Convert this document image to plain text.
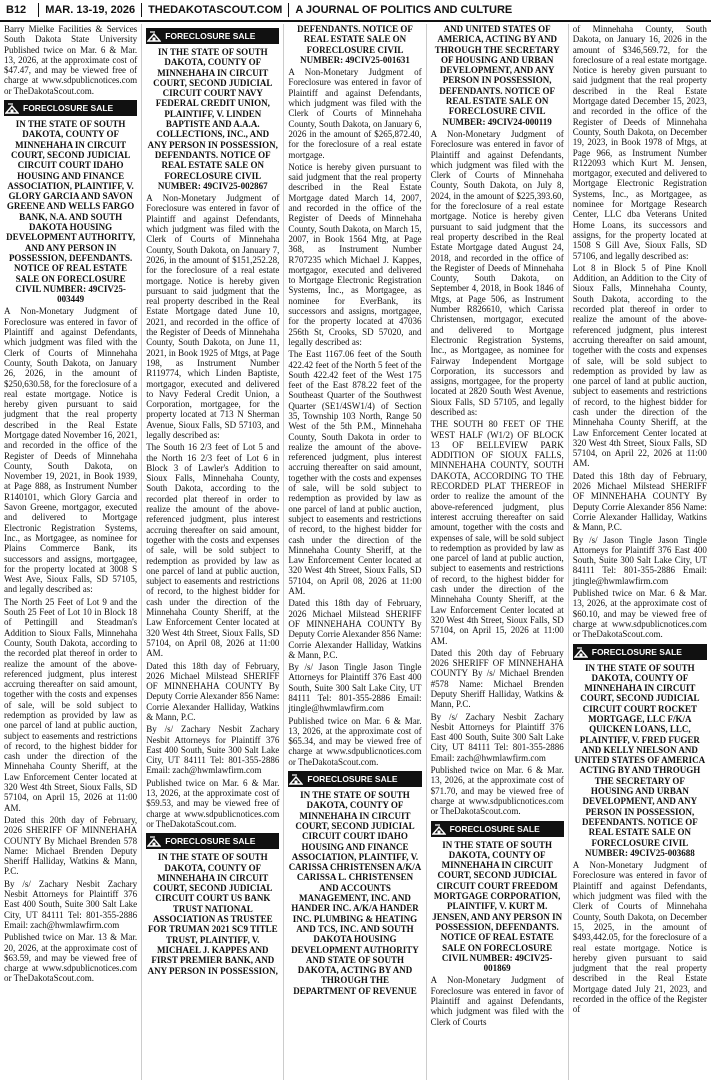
B12	MAR. 13-19, 2026 THEDAKOTASCOUT.COM A JOURNAL OF POLITICS AND CULTURE

Barry Mielke Facilities & Services South Dakota State University Published twice on Mar. 6 & Mar. 13, 2026, at the approximate cost of $47.47, and may be viewed free of charge at www.sdpublicnotices.com or TheDakotaScout.com.

FORECLOSURE SALE

IN THE STATE OF SOUTH DAKOTA, COUNTY OF MINNEHAHA IN CIRCUIT COURT, SECOND JUDICIAL CIRCUIT COURT IDAHO HOUSING AND FINANCE ASSOCIATION, PLAINTIFF, V. GLORY GARCIA AND SAVON GREENE AND WELLS FARGO BANK, N.A. AND SOUTH DAKOTA HOUSING DEVELOPMENT AUTHORITY, AND ANY PERSON IN POSSESSION, DEFENDANTS. NOTICE OF REAL ESTATE SALE ON FORECLOSURE CIVIL NUMBER: 49CIV25-003449

A Non-Monetary Judgment of Foreclosure was entered in favor of Plaintiff and against Defendants, which judgment was filed with the Clerk of Courts of Minnehaha County, South Dakota, on January 26, 2026, in the amount of $250,630.58, for the foreclosure of a real estate mortgage. Notice is hereby given pursuant to said judgment that the real property described in the Real Estate Mortgage dated November 16, 2021, and recorded in the office of the Register of Deeds of Minnehaha County, South Dakota, on November 19, 2021, in Book 1939, at Page 888, as Instrument Number R140101, which Glory Garcia and Savon Greene, mortgagor, executed and delivered to Mortgage Electronic Registration Systems, Inc., as Mortgagee, as nominee for Plains Commerce Bank, its successors and assigns, mortgagee, for the property located at 3008 S West Ave, Sioux Falls, SD 57105, and legally described as:

The North 25 Feet of Lot 9 and the South 25 Feet of Lot 10 in Block 18 of Pettingill and Steadman's Addition to Sioux Falls, Minnehaha County, South Dakota, according to the recorded plat thereof in order to realize the amount of the above-referenced judgment, plus interest accruing thereafter on said amount, together with the costs and expenses of sale, will be sold subject to redemption as provided by law as one parcel of land at public auction, subject to easements and restrictions of record, to the highest bidder for cash under the direction of the Minnehaha County Sheriff, at the Law Enforcement Center located at 320 West 4th Street, Sioux Falls, SD 57104, on April 15, 2026 at 11:00 AM.

Dated this 20th day of February, 2026 SHERIFF OF MINNEHAHA COUNTY By Michael Brenden 578 Name: Michael Brenden Deputy Sheriff Halliday, Watkins & Mann, P.C.

By /s/ Zachary Nesbit Zachary Nesbit Attorneys for Plaintiff 376 East 400 South, Suite 300 Salt Lake City, UT 84111 Tel: 801-355-2886 Email: zach@hwmlawfirm.com

Published twice on Mar. 13 & Mar. 20, 2026, at the approximate cost of $63.59, and may be viewed free of charge at www.sdpublicnotices.com or TheDakotaScout.com.

FORECLOSURE SALE

IN THE STATE OF SOUTH DAKOTA, COUNTY OF MINNEHAHA IN CIRCUIT COURT, SECOND JUDICIAL CIRCUIT COURT NAVY FEDERAL CREDIT UNION, PLAINTIFF, V. LINDEN BAPTISTE AND A.A.A. COLLECTIONS, INC., AND ANY PERSON IN POSSESSION, DEFENDANTS. NOTICE OF REAL ESTATE SALE ON FORECLOSURE CIVIL NUMBER: 49CIV25-002867

A Non-Monetary Judgment of Foreclosure was entered in favor of Plaintiff and against Defendants, which judgment was filed with the Clerk of Courts of Minnehaha County, South Dakota, on January 7, 2026, in the amount of $151,252.28, for the foreclosure of a real estate mortgage. Notice is hereby given pursuant to said judgment that the real property described in the Real Estate Mortgage dated June 10, 2021, and recorded in the office of the Register of Deeds of Minnehaha County, South Dakota, on June 11, 2021, in Book 1925 of Mtgs, at Page 198, as Instrument Number R119774, which Linden Baptiste, mortgagor, executed and delivered to Navy Federal Credit Union, a Corporation, mortgagee, for the property located at 713 N Sherman Avenue, Sioux Falls, SD 57103, and legally described as:

The South 16 2/3 feet of Lot 5 and the North 16 2/3 feet of Lot 6 in Block 3 of Lawler's Addition to Sioux Falls, Minnehaha County, South Dakota, according to the recorded plat thereof in order to realize the amount of the above-referenced judgment, plus interest accruing thereafter on said amount, together with the costs and expenses of sale, will be sold subject to redemption as provided by law as one parcel of land at public auction, subject to easements and restrictions of record, to the highest bidder for cash under the direction of the Minnehaha County Sheriff, at the Law Enforcement Center located at 320 West 4th Street, Sioux Falls, SD 57104, on April 08, 2026 at 11:00 AM.

Dated this 18th day of February, 2026 Michael Milstead SHERIFF OF MINNEHAHA COUNTY By Deputy Corrie Alexander 856 Name: Corrie Alexander Halliday, Watkins & Mann, P.C.

By /s/ Zachary Nesbit Zachary Nesbit Attorneys for Plaintiff 376 East 400 South, Suite 300 Salt Lake City, UT 84111 Tel: 801-355-2886 Email: zach@hwmlawfirm.com

Published twice on Mar. 6 & Mar. 13, 2026, at the approximate cost of $59.53, and may be viewed free of charge at www.sdpublicnotices.com or TheDakotaScout.com.

FORECLOSURE SALE

IN THE STATE OF SOUTH DAKOTA, COUNTY OF MINNEHAHA IN CIRCUIT COURT, SECOND JUDICIAL CIRCUIT COURT US BANK TRUST NATIONAL ASSOCIATION AS TRUSTEE FOR TRUMAN 2021 SC9 TITLE TRUST, PLAINTIFF, V. MICHAEL J. KAPPES AND FIRST PREMIER BANK, AND ANY PERSON IN POSSESSION,

DEFENDANTS. NOTICE OF REAL ESTATE SALE ON FORECLOSURE CIVIL NUMBER: 49CIV25-001631

A Non-Monetary Judgment of Foreclosure was entered in favor of Plaintiff and against Defendants, which judgment was filed with the Clerk of Courts of Minnehaha County, South Dakota, on January 6, 2026 in the amount of $265,872.40, for the foreclosure of a real estate mortgage.

Notice is hereby given pursuant to said judgment that the real property described in the Real Estate Mortgage dated March 14, 2007, and recorded in the office of the Register of Deeds of Minnehaha County, South Dakota, on March 15, 2007, in Book 1564 Mtg, at Page 368, as Instrument Number R707235 which Michael J. Kappes, mortgagor, executed and delivered to Mortgage Electronic Registration Systems, Inc., as Mortgagee, as nominee for EverBank, its successors and assigns, mortgagee, for the property located at 47036 256th St, Crooks, SD 57020, and legally described as:

The East 1167.06 feet of the South 422.42 feet of the North 5 feet of the South 422.42 feet of the West 175 feet of the East 878.22 feet of the Southeast Quarter of the Southwest Quarter (SE1/4SW1/4) of Section 35, Township 103 North, Range 50 West of the 5th P.M., Minnehaha County, South Dakota in order to realize the amount of the above-referenced judgment, plus interest accruing thereafter on said amount, together with the costs and expenses of sale, will be sold subject to redemption as provided by law as one parcel of land at public auction, subject to easements and restrictions of record, to the highest bidder for cash under the direction of the Minnehaha County Sheriff, at the Law Enforcement Center located at 320 West 4th Street, Sioux Falls, SD 57104, on April 08, 2026 at 11:00 AM.

Dated this 18th day of February, 2026 Michael Milstead SHERIFF OF MINNEHAHA COUNTY By Deputy Corrie Alexander 856 Name: Corrie Alexander Halliday, Watkins & Mann, P.C.

By /s/ Jason Tingle Jason Tingle Attorneys for Plaintiff 376 East 400 South, Suite 300 Salt Lake City, UT 84111 Tel: 801-355-2886 Email: jtingle@hwmlawfirm.com

Published twice on Mar. 6 & Mar. 13, 2026, at the approximate cost of $65.34, and may be viewed free of charge at www.sdpublicnotices.com or TheDakotaScout.com.

FORECLOSURE SALE

IN THE STATE OF SOUTH DAKOTA, COUNTY OF MINNEHAHA IN CIRCUIT COURT, SECOND JUDICIAL CIRCUIT COURT IDAHO HOUSING AND FINANCE ASSOCIATION, PLAINTIFF, V. CARISSA CHRISTENSEN A/K/A CARISSA L. CHRISTENSEN AND ACCOUNTS MANAGEMENT, INC. AND HANDER INC. A/K/A HANDER INC. PLUMBING & HEATING AND TCS, INC. AND SOUTH DAKOTA HOUSING DEVELOPMENT AUTHORITY AND STATE OF SOUTH DAKOTA, ACTING BY AND THROUGH THE DEPARTMENT OF REVENUE

AND UNITED STATES OF AMERICA, ACTING BY AND THROUGH THE SECRETARY OF HOUSING AND URBAN DEVELOPMENT, AND ANY PERSON IN POSSESSION, DEFENDANTS. NOTICE OF REAL ESTATE SALE ON FORECLOSURE CIVIL NUMBER: 49CIV24-000119

A Non-Monetary Judgment of Foreclosure was entered in favor of Plaintiff and against Defendants, which judgment was filed with the Clerk of Courts of Minnehaha County, South Dakota, on July 8, 2024, in the amount of $225,393.60, for the foreclosure of a real estate mortgage. Notice is hereby given pursuant to said judgment that the real property described in the Real Estate Mortgage dated August 24, 2018, and recorded in the office of the Register of Deeds of Minnehaha County, South Dakota, on September 4, 2018, in Book 1846 of Mtgs, at Page 506, as Instrument Number R826610, which Carissa Christensen, mortgagor, executed and delivered to Mortgage Electronic Registration Systems, Inc., as Mortgagee, as nominee for Fairway Independent Mortgage Corporation, its successors and assigns, mortgagee, for the property located at 2820 South West Avenue, Sioux Falls, SD 57105, and legally described as:

THE SOUTH 80 FEET OF THE WEST HALF (W1/2) OF BLOCK 13 OF BELLEVIEW PARK ADDITION OF SIOUX FALLS, MINNEHAHA COUNTY, SOUTH DAKOTA, ACCORDING TO THE RECORDED PLAT THEREOF in order to realize the amount of the above-referenced judgment, plus interest accruing thereafter on said amount, together with the costs and expenses of sale, will be sold subject to redemption as provided by law as one parcel of land at public auction, subject to easements and restrictions of record, to the highest bidder for cash under the direction of the Minnehaha County Sheriff, at the Law Enforcement Center located at 320 West 4th Street, Sioux Falls, SD 57104, on April 15, 2026 at 11:00 AM.

Dated this 20th day of February 2026 SHERIFF OF MINNEHAHA COUNTY By /s/ Michael Brenden #578 Name: Michael Brenden Deputy Sheriff Halliday, Watkins & Mann, P.C.

By /s/ Zachary Nesbit Zachary Nesbit Attorneys for Plaintiff 376 East 400 South, Suite 300 Salt Lake City, UT 84111 Tel: 801-355-2886 Email: zach@hwmlawfirm.com

Published twice on Mar. 6 & Mar. 13, 2026, at the approximate cost of $71.70, and may be viewed free of charge at www.sdpublicnotices.com or TheDakotaScout.com.

FORECLOSURE SALE

IN THE STATE OF SOUTH DAKOTA, COUNTY OF MINNEHAHA IN CIRCUIT COURT, SECOND JUDICIAL CIRCUIT COURT FREEDOM MORTGAGE CORPORATION, PLAINTIFF, V. KURT M. JENSEN, AND ANY PERSON IN POSSESSION, DEFENDANTS. NOTICE OF REAL ESTATE SALE ON FORECLOSURE CIVIL NUMBER: 49CIV25-001869

A Non-Monetary Judgment of Foreclosure was entered in favor of Plaintiff and against Defendants, which judgment was filed with the Clerk of Courts

of Minnehaha County, South Dakota, on January 16, 2026 in the amount of $346,569.72, for the foreclosure of a real estate mortgage. Notice is hereby given pursuant to said judgment that the real property described in the Real Estate Mortgage dated December 15, 2023, and recorded in the office of the Register of Deeds of Minnehaha County, South Dakota, on December 19, 2023, in Book 1978 of Mtgs, at Page 966, as Instrument Number R122093 which Kurt M. Jensen, mortgagor, executed and delivered to Mortgage Electronic Registration Systems, Inc., as Mortgagee, as nominee for Mortgage Research Center, LLC dba Veterans United Home Loans, its successors and assigns, for the property located at 1508 S Gill Ave, Sioux Falls, SD 57106, and legally described as:

Lot 8 in Block 5 of Pine Knoll Addition, an Addition to the City of Sioux Falls, Minnehaha County, South Dakota, according to the recorded plat thereof in order to realize the amount of the above-referenced judgment, plus interest accruing thereafter on said amount, together with the costs and expenses of sale, will be sold subject to redemption as provided by law as one parcel of land at public auction, subject to easements and restrictions of record, to the highest bidder for cash under the direction of the Minnehaha County Sheriff, at the Law Enforcement Center located at 320 West 4th Street, Sioux Falls, SD 57104, on April 22, 2026 at 11:00 AM.

Dated this 18th day of February, 2026 Michael Milstead SHERIFF OF MINNEHAHA COUNTY By Deputy Corrie Alexander 856 Name: Corrie Alexander Halliday, Watkins & Mann, P.C.

By /s/ Jason Tingle Jason Tingle Attorneys for Plaintiff 376 East 400 South, Suite 300 Salt Lake City, UT 84111 Tel: 801-355-2886 Email: jtingle@hwmlawfirm.com

Published twice on Mar. 6 & Mar. 13, 2026, at the approximate cost of $60.10, and may be viewed free of charge at www.sdpublicnotices.com or TheDakotaScout.com.

FORECLOSURE SALE

IN THE STATE OF SOUTH DAKOTA, COUNTY OF MINNEHAHA IN CIRCUIT COURT, SECOND JUDICIAL CIRCUIT COURT ROCKET MORTGAGE, LLC F/K/A QUICKEN LOANS, LLC, PLAINTIFF, V. FRED FUGER AND KELLY NIELSON AND UNITED STATES OF AMERICA ACTING BY AND THROUGH THE SECRETARY OF HOUSING AND URBAN DEVELOPMENT, AND ANY PERSON IN POSSESSION, DEFENDANTS. NOTICE OF REAL ESTATE SALE ON FORECLOSURE CIVIL NUMBER: 49CIV25-003688

A Non-Monetary Judgment of Foreclosure was entered in favor of Plaintiff and against Defendants, which judgment was filed with the Clerk of Courts of Minnehaha County, South Dakota, on December 15, 2025, in the amount of $493,442.05, for the foreclosure of a real estate mortgage. Notice is hereby given pursuant to said judgment that the real property described in the Real Estate Mortgage dated July 21, 2023, and recorded in the office of the Register of
